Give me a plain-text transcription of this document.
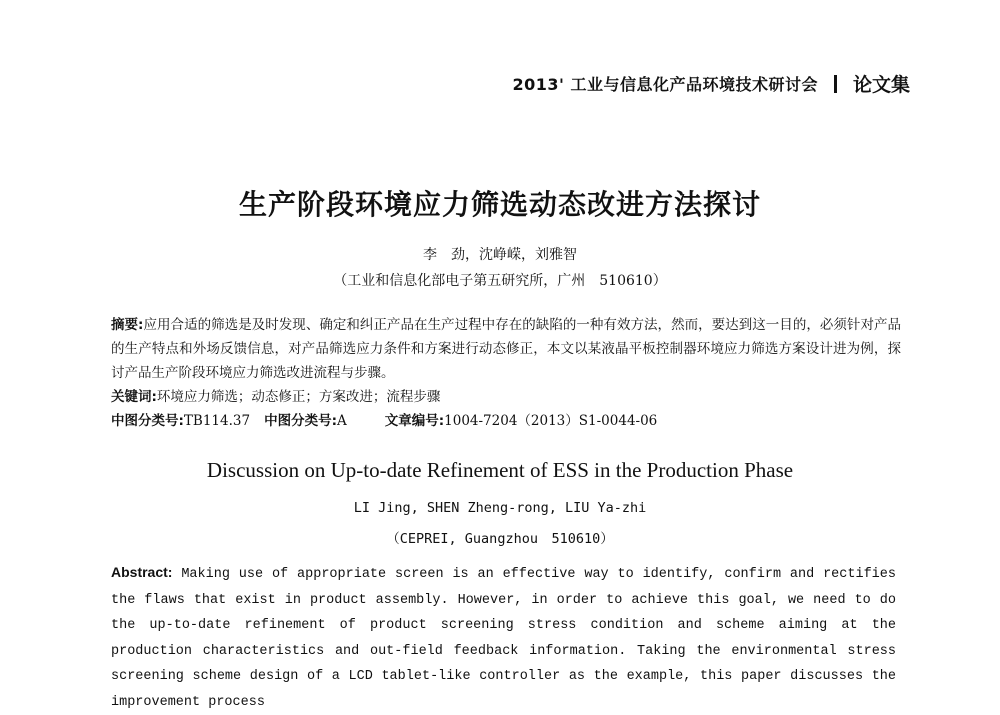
2013' 工业与信息化产品环境技术研讨会 论文集
生产阶段环境应力筛选动态改进方法探讨
李　劲，沈峥嵘，刘雅智
（工业和信息化部电子第五研究所，广州　510610）
摘要:应用合适的筛选是及时发现、确定和纠正产品在生产过程中存在的缺陷的一种有效方法，然而，要达到这一目的，必须针对产品的生产特点和外场反馈信息，对产品筛选应力条件和方案进行动态修正，本文以某液晶平板控制器环境应力筛选方案设计进为例，探讨产品生产阶段环境应力筛选改进流程与步骤。
关键词:环境应力筛选；动态修正；方案改进；流程步骤
中图分类号:TB114.37 中图分类号:A	文章编号:1004-7204（2013）S1-0044-06
Discussion on Up-to-date Refinement of ESS in the Production Phase
LI Jing, SHEN Zheng-rong, LIU Ya-zhi
（CEPREI, Guangzhou　510610）
Abstract: Making use of appropriate screen is an effective way to identify, confirm and rectifies the flaws that exist in product assembly. However, in order to achieve this goal, we need to do the up-to-date refinement of product screening stress condition and scheme aiming at the production characteristics and out-field feedback information. Taking the environmental stress screening scheme design of a LCD tablet-like controller as the example, this paper discusses the improvement process
